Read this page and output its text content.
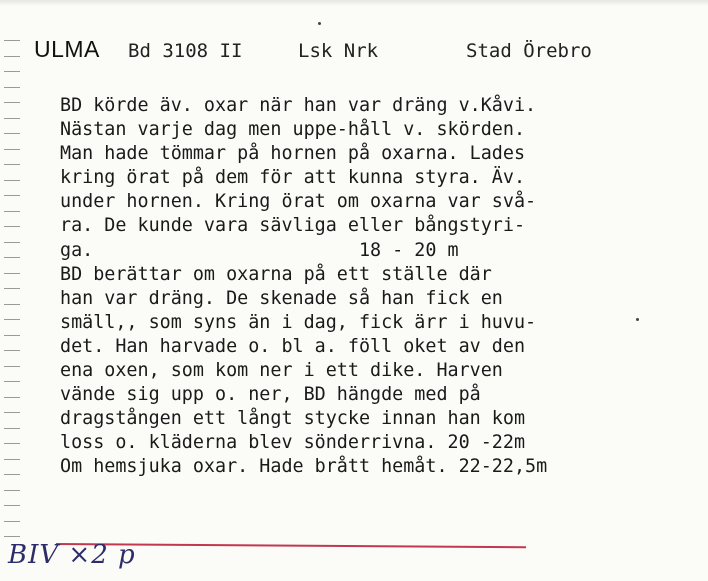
ULMA Bd 3108 II	Lsk Nrk	Stad Örebro
BD körde äv. oxar när han var dräng v.Kåvi.
Nästan varje dag men uppe-håll v. skörden.
Man hade tömmar på hornen på oxarna. Lades
kring örat på dem för att kunna styra. Äv.
under hornen. Kring örat om oxarna var svå-
ra. De kunde vara sävliga eller bångstyri-
ga.                        18 - 20 m
BD berättar om oxarna på ett ställe där
han var dräng. De skenade så han fick en
smäll,, som syns än i dag, fick ärr i huvu-
det. Han harvade o. bl a. föll oket av den
ena oxen, som kom ner i ett dike. Harven
vände sig upp o. ner, BD hängde med på
dragstången ett långt stycke innan han kom
loss o. kläderna blev sönderrivna. 20 -22m
Om hemsjuka oxar. Hade brått hemåt. 22-22,5m
BIV ×2 p
